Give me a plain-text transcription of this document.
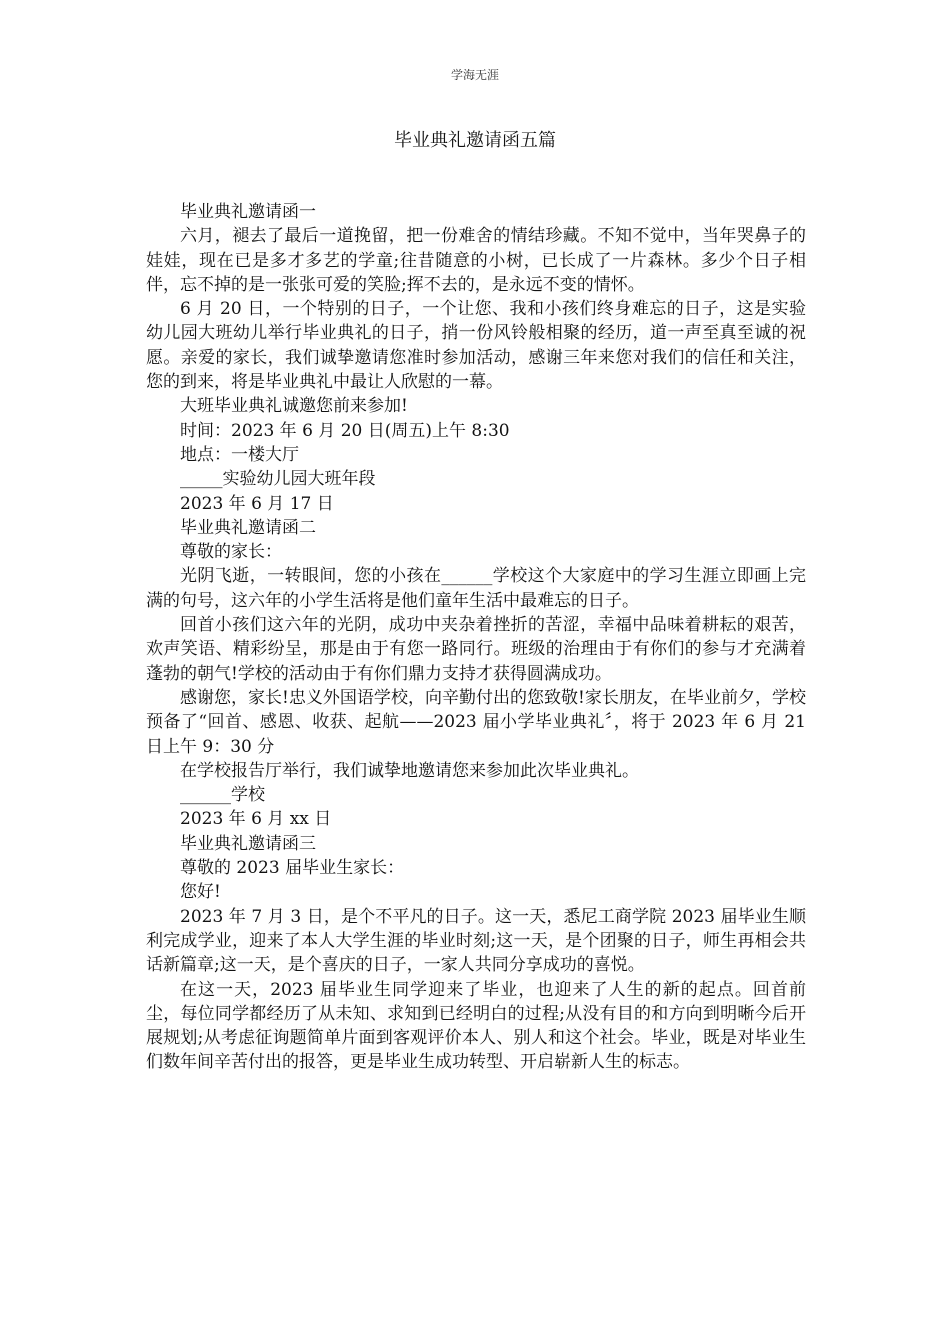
学海无涯
毕业典礼邀请函五篇

毕业典礼邀请函一

六月，褪去了最后一道挽留，把一份难舍的情结珍藏。不知不觉中，当年哭鼻子的娃娃，现在已是多才多艺的学童;往昔随意的小树，已长成了一片森林。多少个日子相伴，忘不掉的是一张张可爱的笑脸;挥不去的，是永远不变的情怀。

6 月 20 日，一个特别的日子，一个让您、我和小孩们终身难忘的日子，这是实验幼儿园大班幼儿举行毕业典礼的日子，捎一份风铃般相聚的经历，道一声至真至诚的祝愿。亲爱的家长，我们诚挚邀请您准时参加活动，感谢三年来您对我们的信任和关注，您的到来，将是毕业典礼中最让人欣慰的一幕。

大班毕业典礼诚邀您前来参加!

时间：2023 年 6 月 20 日(周五)上午 8:30

地点：一楼大厅

_____实验幼儿园大班年段

2023 年 6 月 17 日

毕业典礼邀请函二

尊敬的家长：

光阴飞逝，一转眼间，您的小孩在______学校这个大家庭中的学习生涯立即画上完满的句号，这六年的小学生活将是他们童年生活中最难忘的日子。

回首小孩们这六年的光阴，成功中夹杂着挫折的苦涩，幸福中品味着耕耘的艰苦，欢声笑语、精彩纷呈，那是由于有您一路同行。班级的治理由于有你们的参与才充满着蓬勃的朝气!学校的活动由于有你们鼎力支持才获得圆满成功。

感谢您，家长!忠义外国语学校，向辛勤付出的您致敬!家长朋友，在毕业前夕，学校预备了“回首、感恩、收获、起航——2023 届小学毕业典礼〞，将于 2023 年 6 月 21 日上午 9：30 分

在学校报告厅举行，我们诚挚地邀请您来参加此次毕业典礼。

______学校

2023 年 6 月 xx 日

毕业典礼邀请函三

尊敬的 2023 届毕业生家长：

您好!

2023 年 7 月 3 日，是个不平凡的日子。这一天，悉尼工商学院 2023 届毕业生顺利完成学业，迎来了本人大学生涯的毕业时刻;这一天，是个团聚的日子，师生再相会共话新篇章;这一天，是个喜庆的日子，一家人共同分享成功的喜悦。

在这一天，2023 届毕业生同学迎来了毕业，也迎来了人生的新的起点。回首前尘，每位同学都经历了从未知、求知到已经明白的过程;从没有目的和方向到明晰今后开展规划;从考虑征询题简单片面到客观评价本人、别人和这个社会。毕业，既是对毕业生们数年间辛苦付出的报答，更是毕业生成功转型、开启崭新人生的标志。
